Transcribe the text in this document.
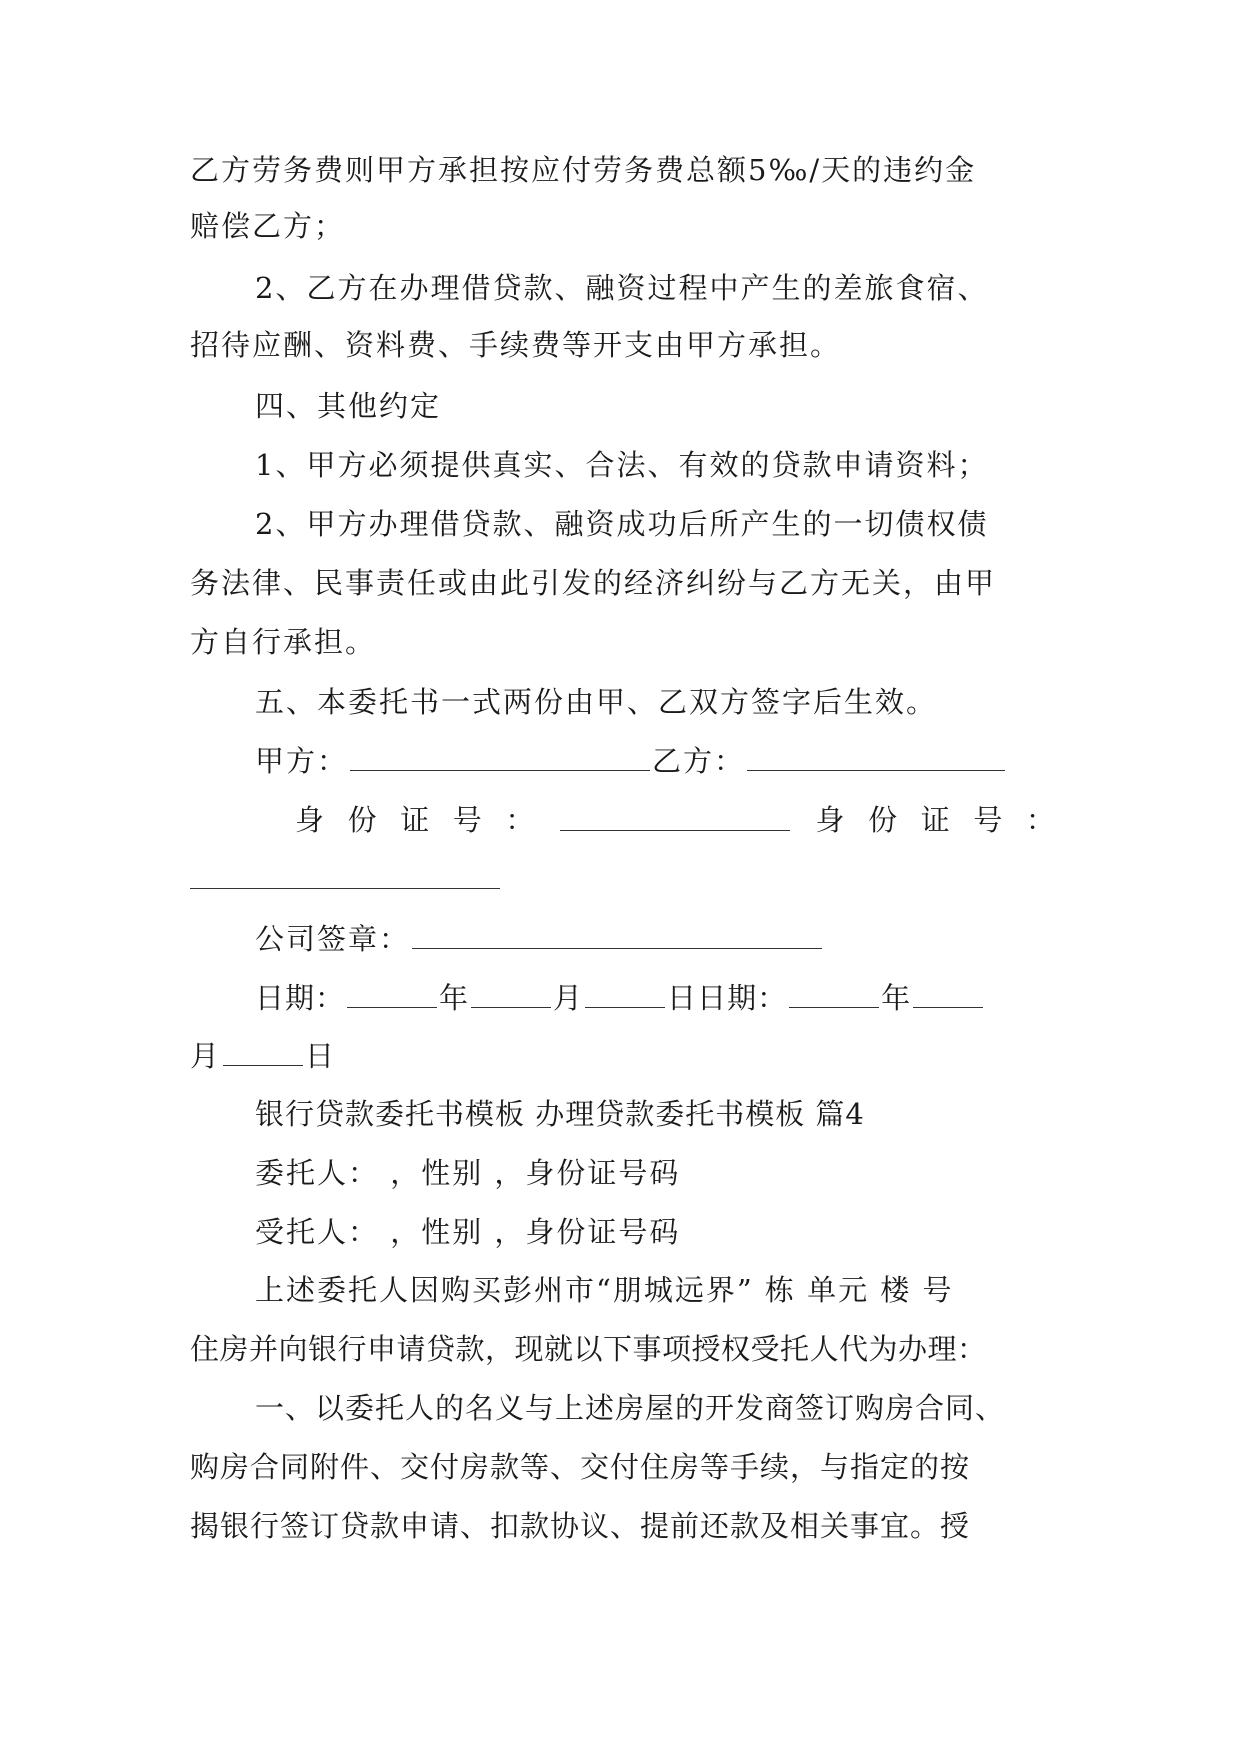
乙方劳务费则甲方承担按应付劳务费总额5‰/天的违约金
赔偿乙方；
2、乙方在办理借贷款、融资过程中产生的差旅食宿、
招待应酬、资料费、手续费等开支由甲方承担。
四、其他约定
1、甲方必须提供真实、合法、有效的贷款申请资料；
2、甲方办理借贷款、融资成功后所产生的一切债权债
务法律、民事责任或由此引发的经济纠纷与乙方无关，由甲
方自行承担。
五、本委托书一式两份由甲、乙双方签字后生效。
甲方：	乙方：
身 份 证 号 ：	身 份 证 号 ：
公司签章：
日期：	年	月	日日期：	年
月	日
银行贷款委托书模板 办理贷款委托书模板 篇4
委托人： ，性别 ，身份证号码
受托人： ，性别 ，身份证号码
上述委托人因购买彭州市“朋城远界” 栋 单元 楼 号
住房并向银行申请贷款，现就以下事项授权受托人代为办理：
一、以委托人的名义与上述房屋的开发商签订购房合同、
购房合同附件、交付房款等、交付住房等手续，与指定的按
揭银行签订贷款申请、扣款协议、提前还款及相关事宜。授
